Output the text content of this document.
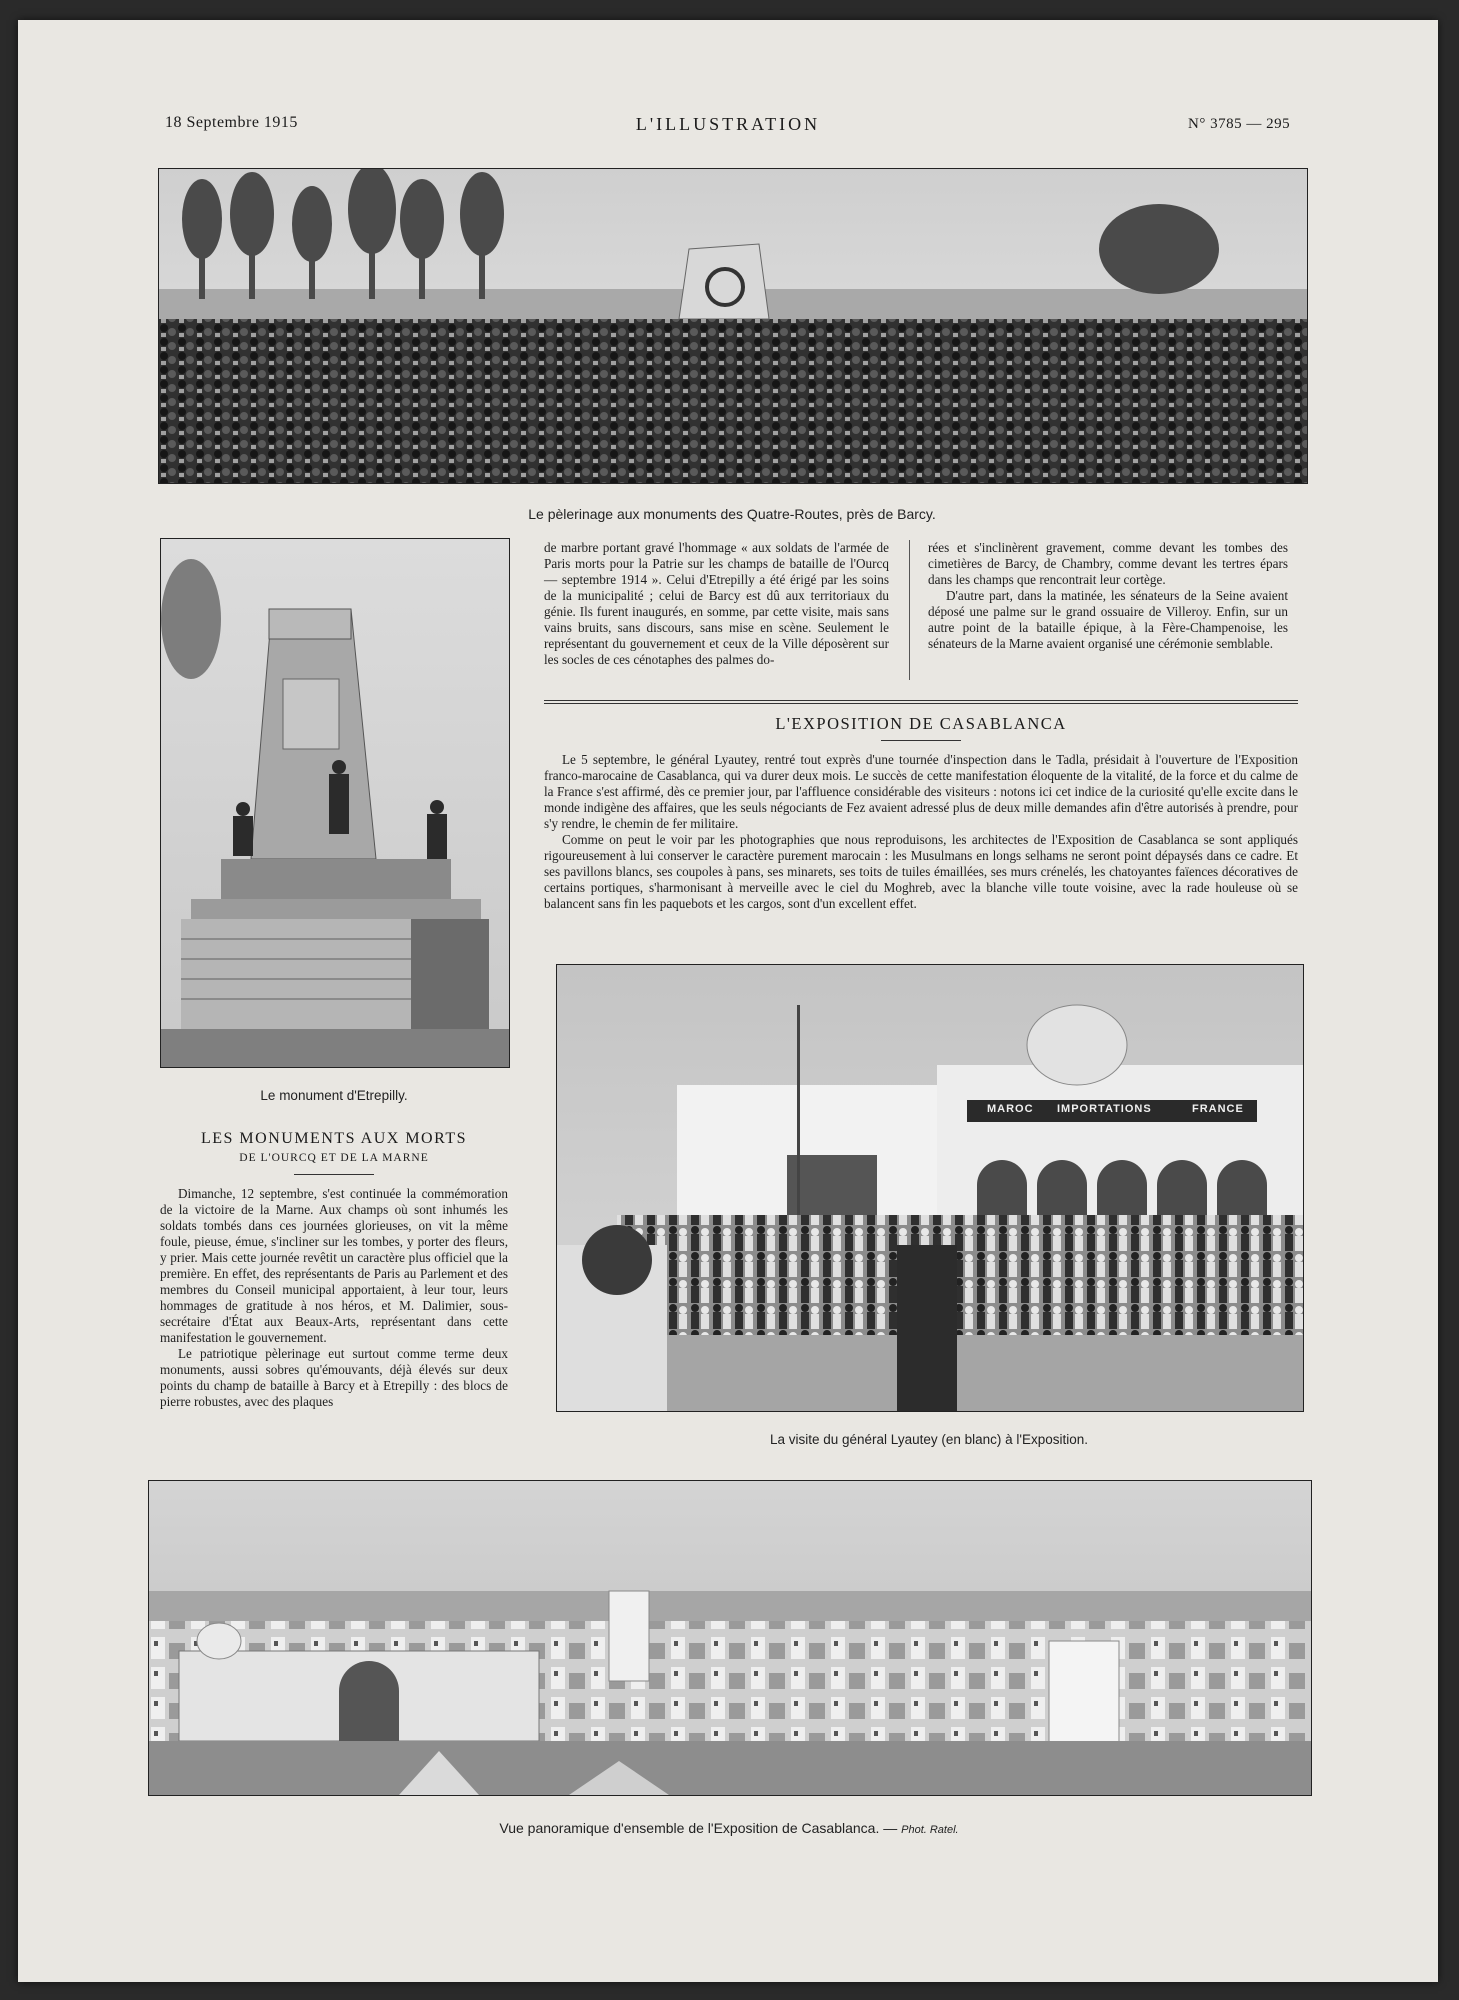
18 Septembre 1915	L'ILLUSTRATION	N° 3785 — 295
Le pèlerinage aux monuments des Quatre-Routes, près de Barcy.
Le monument d'Etrepilly.
LES MONUMENTS AUX MORTS
DE L'OURCQ ET DE LA MARNE

Dimanche, 12 septembre, s'est continuée la commémoration de la victoire de la Marne. Aux champs où sont inhumés les soldats tombés dans ces journées glorieuses, on vit la même foule, pieuse, émue, s'incliner sur les tombes, y porter des fleurs, y prier. Mais cette journée revêtit un caractère plus officiel que la première. En effet, des représentants de Paris au Parlement et des membres du Conseil municipal apportaient, à leur tour, leurs hommages de gratitude à nos héros, et M. Dalimier, sous-secrétaire d'État aux Beaux-Arts, représentant dans cette manifestation le gouvernement.

Le patriotique pèlerinage eut surtout comme terme deux monuments, aussi sobres qu'émouvants, déjà élevés sur deux points du champ de bataille à Barcy et à Etrepilly : des blocs de pierre robustes, avec des plaques

de marbre portant gravé l'hommage « aux soldats de l'armée de Paris morts pour la Patrie sur les champs de bataille de l'Ourcq — septembre 1914 ». Celui d'Etrepilly a été érigé par les soins de la municipalité ; celui de Barcy est dû aux territoriaux du génie. Ils furent inaugurés, en somme, par cette visite, mais sans vains bruits, sans discours, sans mise en scène. Seulement le représentant du gouvernement et ceux de la Ville déposèrent sur les socles de ces cénotaphes des palmes do-

rées et s'inclinèrent gravement, comme devant les tombes des cimetières de Barcy, de Chambry, comme devant les tertres épars dans les champs que rencontrait leur cortège.

D'autre part, dans la matinée, les sénateurs de la Seine avaient déposé une palme sur le grand ossuaire de Villeroy. Enfin, sur un autre point de la bataille épique, à la Fère-Champenoise, les sénateurs de la Marne avaient organisé une cérémonie semblable.

L'EXPOSITION DE CASABLANCA

Le 5 septembre, le général Lyautey, rentré tout exprès d'une tournée d'inspection dans le Tadla, présidait à l'ouverture de l'Exposition franco-marocaine de Casablanca, qui va durer deux mois. Le succès de cette manifestation éloquente de la vitalité, de la force et du calme de la France s'est affirmé, dès ce premier jour, par l'affluence considérable des visiteurs : notons ici cet indice de la curiosité qu'elle excite dans le monde indigène des affaires, que les seuls négociants de Fez avaient adressé plus de deux mille demandes afin d'être autorisés à prendre, pour s'y rendre, le chemin de fer militaire.

Comme on peut le voir par les photographies que nous reproduisons, les architectes de l'Exposition de Casablanca se sont appliqués rigoureusement à lui conserver le caractère purement marocain : les Musulmans en longs selhams ne seront point dépaysés dans ce cadre. Et ses pavillons blancs, ses coupoles à pans, ses minarets, ses toits de tuiles émaillées, ses murs crénelés, les chatoyantes faïences décoratives de certains portiques, s'harmonisant à merveille avec le ciel du Moghreb, avec la blanche ville toute voisine, avec la rade houleuse où se balancent sans fin les paquebots et les cargos, sont d'un excellent effet.

MAROC IMPORTATIONS	FRANCE
La visite du général Lyautey (en blanc) à l'Exposition.
Vue panoramique d'ensemble de l'Exposition de Casablanca. — Phot. Ratel.
